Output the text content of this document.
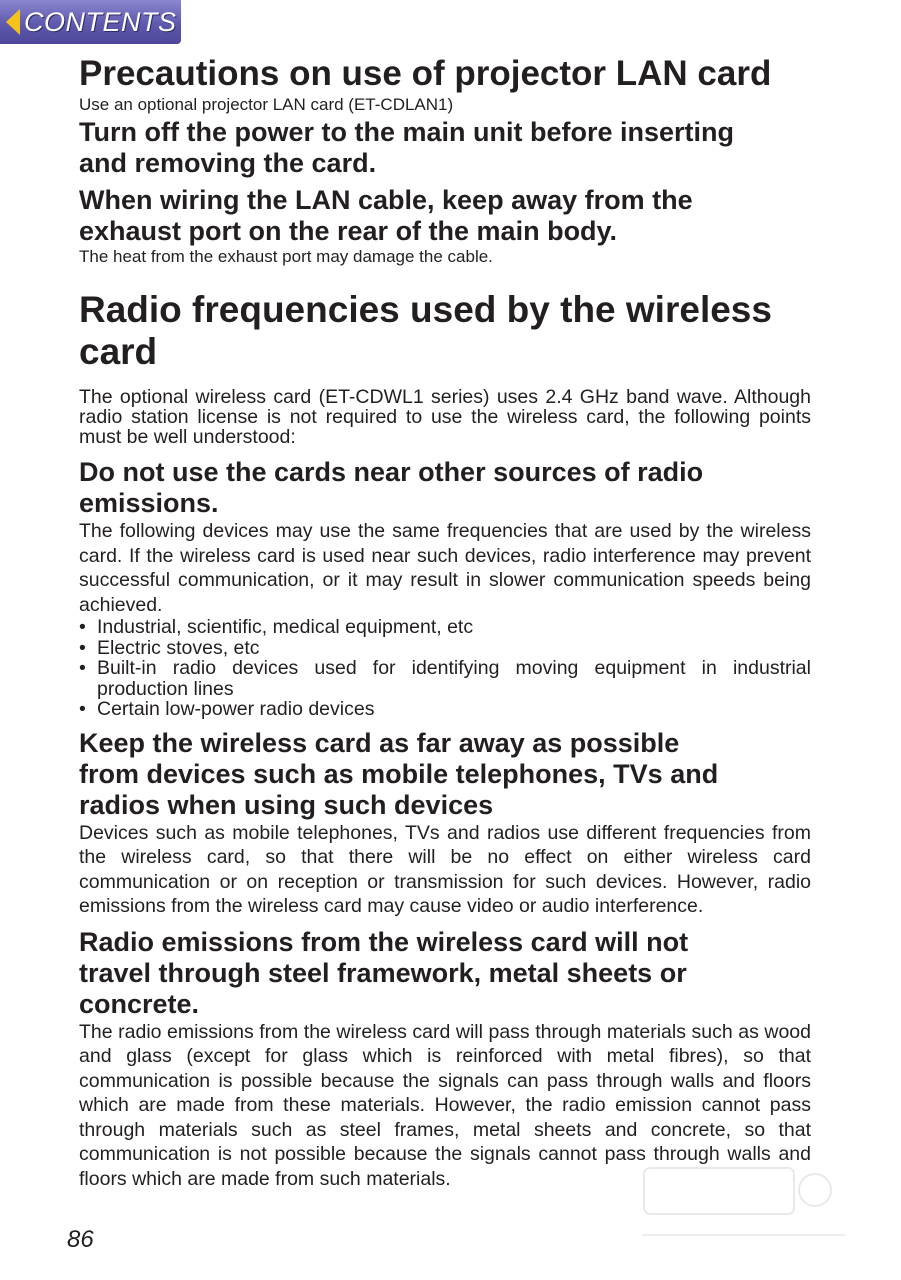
CONTENTS
Precautions on use of projector LAN card

Use an optional projector LAN card (ET-CDLAN1)

Turn off the power to the main unit before inserting
and removing the card.
When wiring the LAN cable, keep away from the
exhaust port on the rear of the main body.

The heat from the exhaust port may damage the cable.

Radio frequencies used by the wireless
card

The optional wireless card (ET-CDWL1 series) uses 2.4 GHz band wave. Although radio station license is not required to use the wireless card, the following points must be well understood:

Do not use the cards near other sources of radio
emissions.

The following devices may use the same frequencies that are used by the wireless card. If the wireless card is used near such devices, radio interference may prevent successful communication, or it may result in slower communication speeds being achieved.

• Industrial, scientific, medical equipment, etc
• Electric stoves, etc
• Built-in radio devices used for identifying moving equipment in industrial production lines
• Certain low-power radio devices
Keep the wireless card as far away as possible
from devices such as mobile telephones, TVs and
radios when using such devices

Devices such as mobile telephones, TVs and radios use different frequencies from the wireless card, so that there will be no effect on either wireless card communication or on reception or transmission for such devices. However, radio emissions from the wireless card may cause video or audio interference.

Radio emissions from the wireless card will not
travel through steel framework, metal sheets or
concrete.

The radio emissions from the wireless card will pass through materials such as wood and glass (except for glass which is reinforced with metal fibres), so that communication is possible because the signals can pass through walls and floors which are made from these materials. However, the radio emission cannot pass through materials such as steel frames, metal sheets and concrete, so that communication is not possible because the signals cannot pass through walls and floors which are made from such materials.

86
